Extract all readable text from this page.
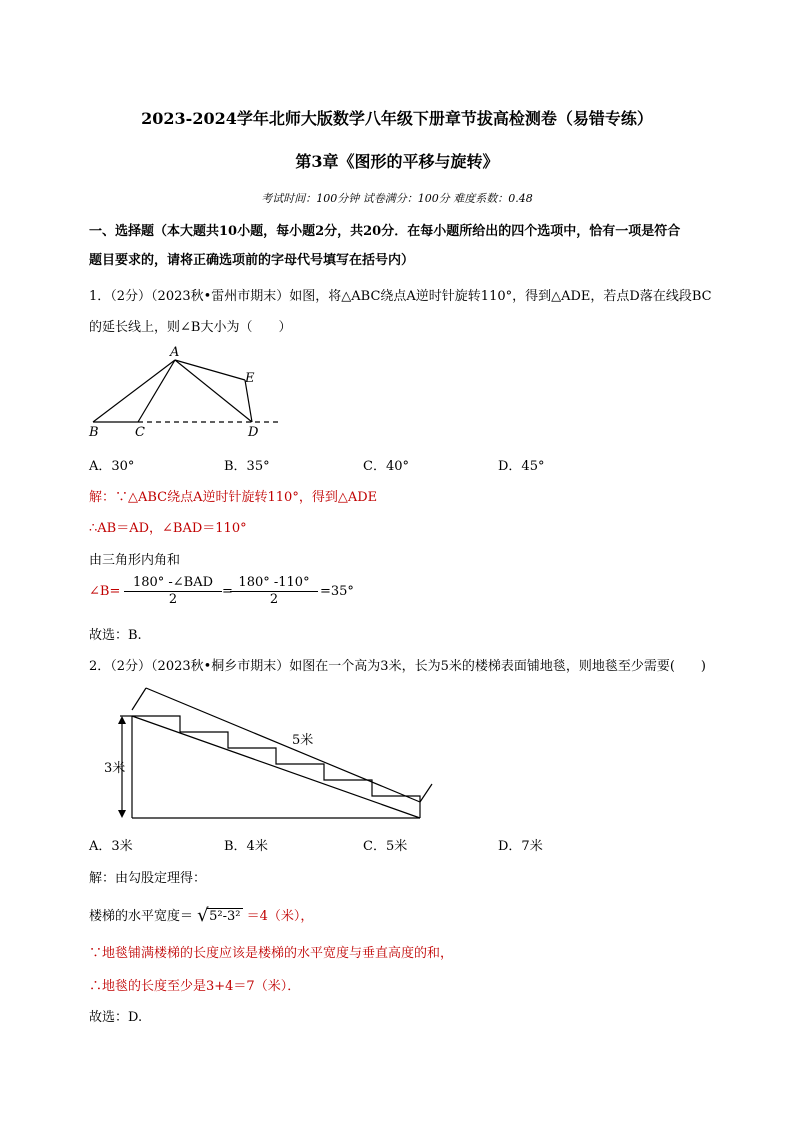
2023-2024学年北师大版数学八年级下册章节拔高检测卷（易错专练）
第3章《图形的平移与旋转》
考试时间：100分钟 试卷满分：100分 难度系数：0.48
一、选择题（本大题共10小题，每小题2分，共20分．在每小题所给出的四个选项中，恰有一项是符合
题目要求的，请将正确选项前的字母代号填写在括号内）
1．（2分）（2023秋•雷州市期末）如图，将△ABC绕点A逆时针旋转110°，得到△ADE，若点D落在线段BC
的延长线上，则∠B大小为（　　）
A
E
B	C	D
A．30°	B．35°	C．40°	D．45°
解：∵△ABC绕点A逆时针旋转110°，得到△ADE
∴AB＝AD，∠BAD＝110°
由三角形内角和
∠B=
180° -∠BAD
2
=
$\frac{180^\circ -110^\circ}{2} =35^\circ$
故选：B.
2．（2分）（2023秋•桐乡市期末）如图在一个高为3米，长为5米的楼梯表面铺地毯，则地毯至少需要(　　)
3米
5米
A．3米	B．4米	C．5米	D．7米
解：由勾股定理得：
楼梯的水平宽度＝ √ 5²-3² ＝4（米），
∵地毯铺满楼梯的长度应该是楼梯的水平宽度与垂直高度的和，
∴地毯的长度至少是3+4＝7（米）．
故选：D.
